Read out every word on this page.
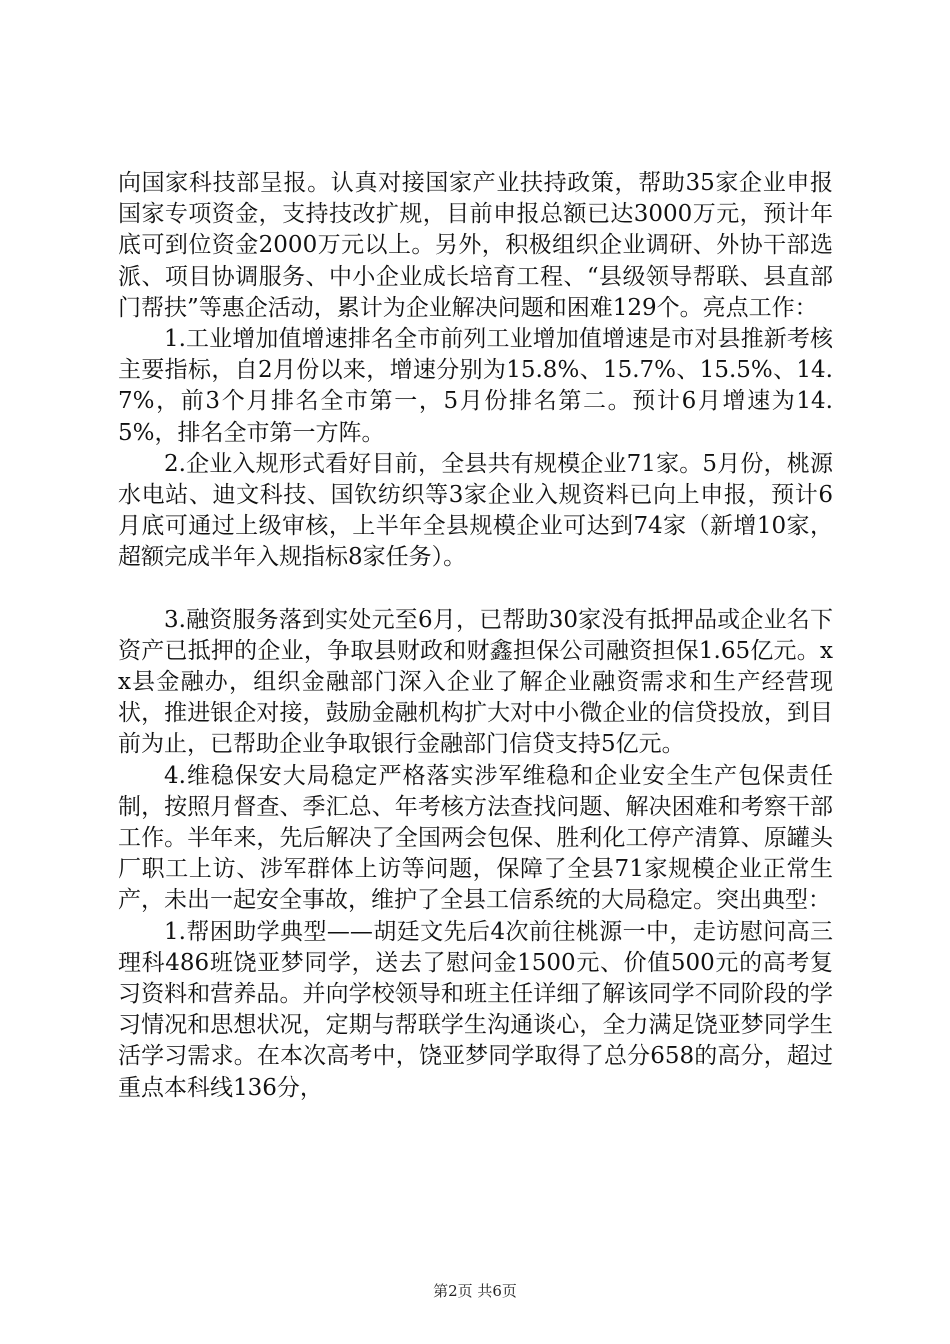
向国家科技部呈报。认真对接国家产业扶持政策，帮助35家企业申报国家专项资金，支持技改扩规，目前申报总额已达3000万元，预计年底可到位资金2000万元以上。另外，积极组织企业调研、外协干部选派、项目协调服务、中小企业成长培育工程、“县级领导帮联、县直部门帮扶”等惠企活动，累计为企业解决问题和困难129个。亮点工作：

1.工业增加值增速排名全市前列工业增加值增速是市对县推新考核主要指标，自2月份以来，增速分别为15.8%、15.7%、15.5%、14.7%，前3个月排名全市第一，5月份排名第二。预计6月增速为14.5%，排名全市第一方阵。

2.企业入规形式看好目前，全县共有规模企业71家。5月份，桃源水电站、迪文科技、国钦纺织等3家企业入规资料已向上申报，预计6月底可通过上级审核，上半年全县规模企业可达到74家（新增10家，超额完成半年入规指标8家任务）。

3.融资服务落到实处元至6月，已帮助30家没有抵押品或企业名下资产已抵押的企业，争取县财政和财鑫担保公司融资担保1.65亿元。xx县金融办，组织金融部门深入企业了解企业融资需求和生产经营现状，推进银企对接，鼓励金融机构扩大对中小微企业的信贷投放，到目前为止，已帮助企业争取银行金融部门信贷支持5亿元。

4.维稳保安大局稳定严格落实涉军维稳和企业安全生产包保责任制，按照月督查、季汇总、年考核方法查找问题、解决困难和考察干部工作。半年来，先后解决了全国两会包保、胜利化工停产清算、原罐头厂职工上访、涉军群体上访等问题，保障了全县71家规模企业正常生产，未出一起安全事故，维护了全县工信系统的大局稳定。突出典型：

1.帮困助学典型——胡廷文先后4次前往桃源一中，走访慰问高三理科486班饶亚梦同学，送去了慰问金1500元、价值500元的高考复习资料和营养品。并向学校领导和班主任详细了解该同学不同阶段的学习情况和思想状况，定期与帮联学生沟通谈心，全力满足饶亚梦同学生活学习需求。在本次高考中，饶亚梦同学取得了总分658的高分，超过重点本科线136分，

第2页 共6页
